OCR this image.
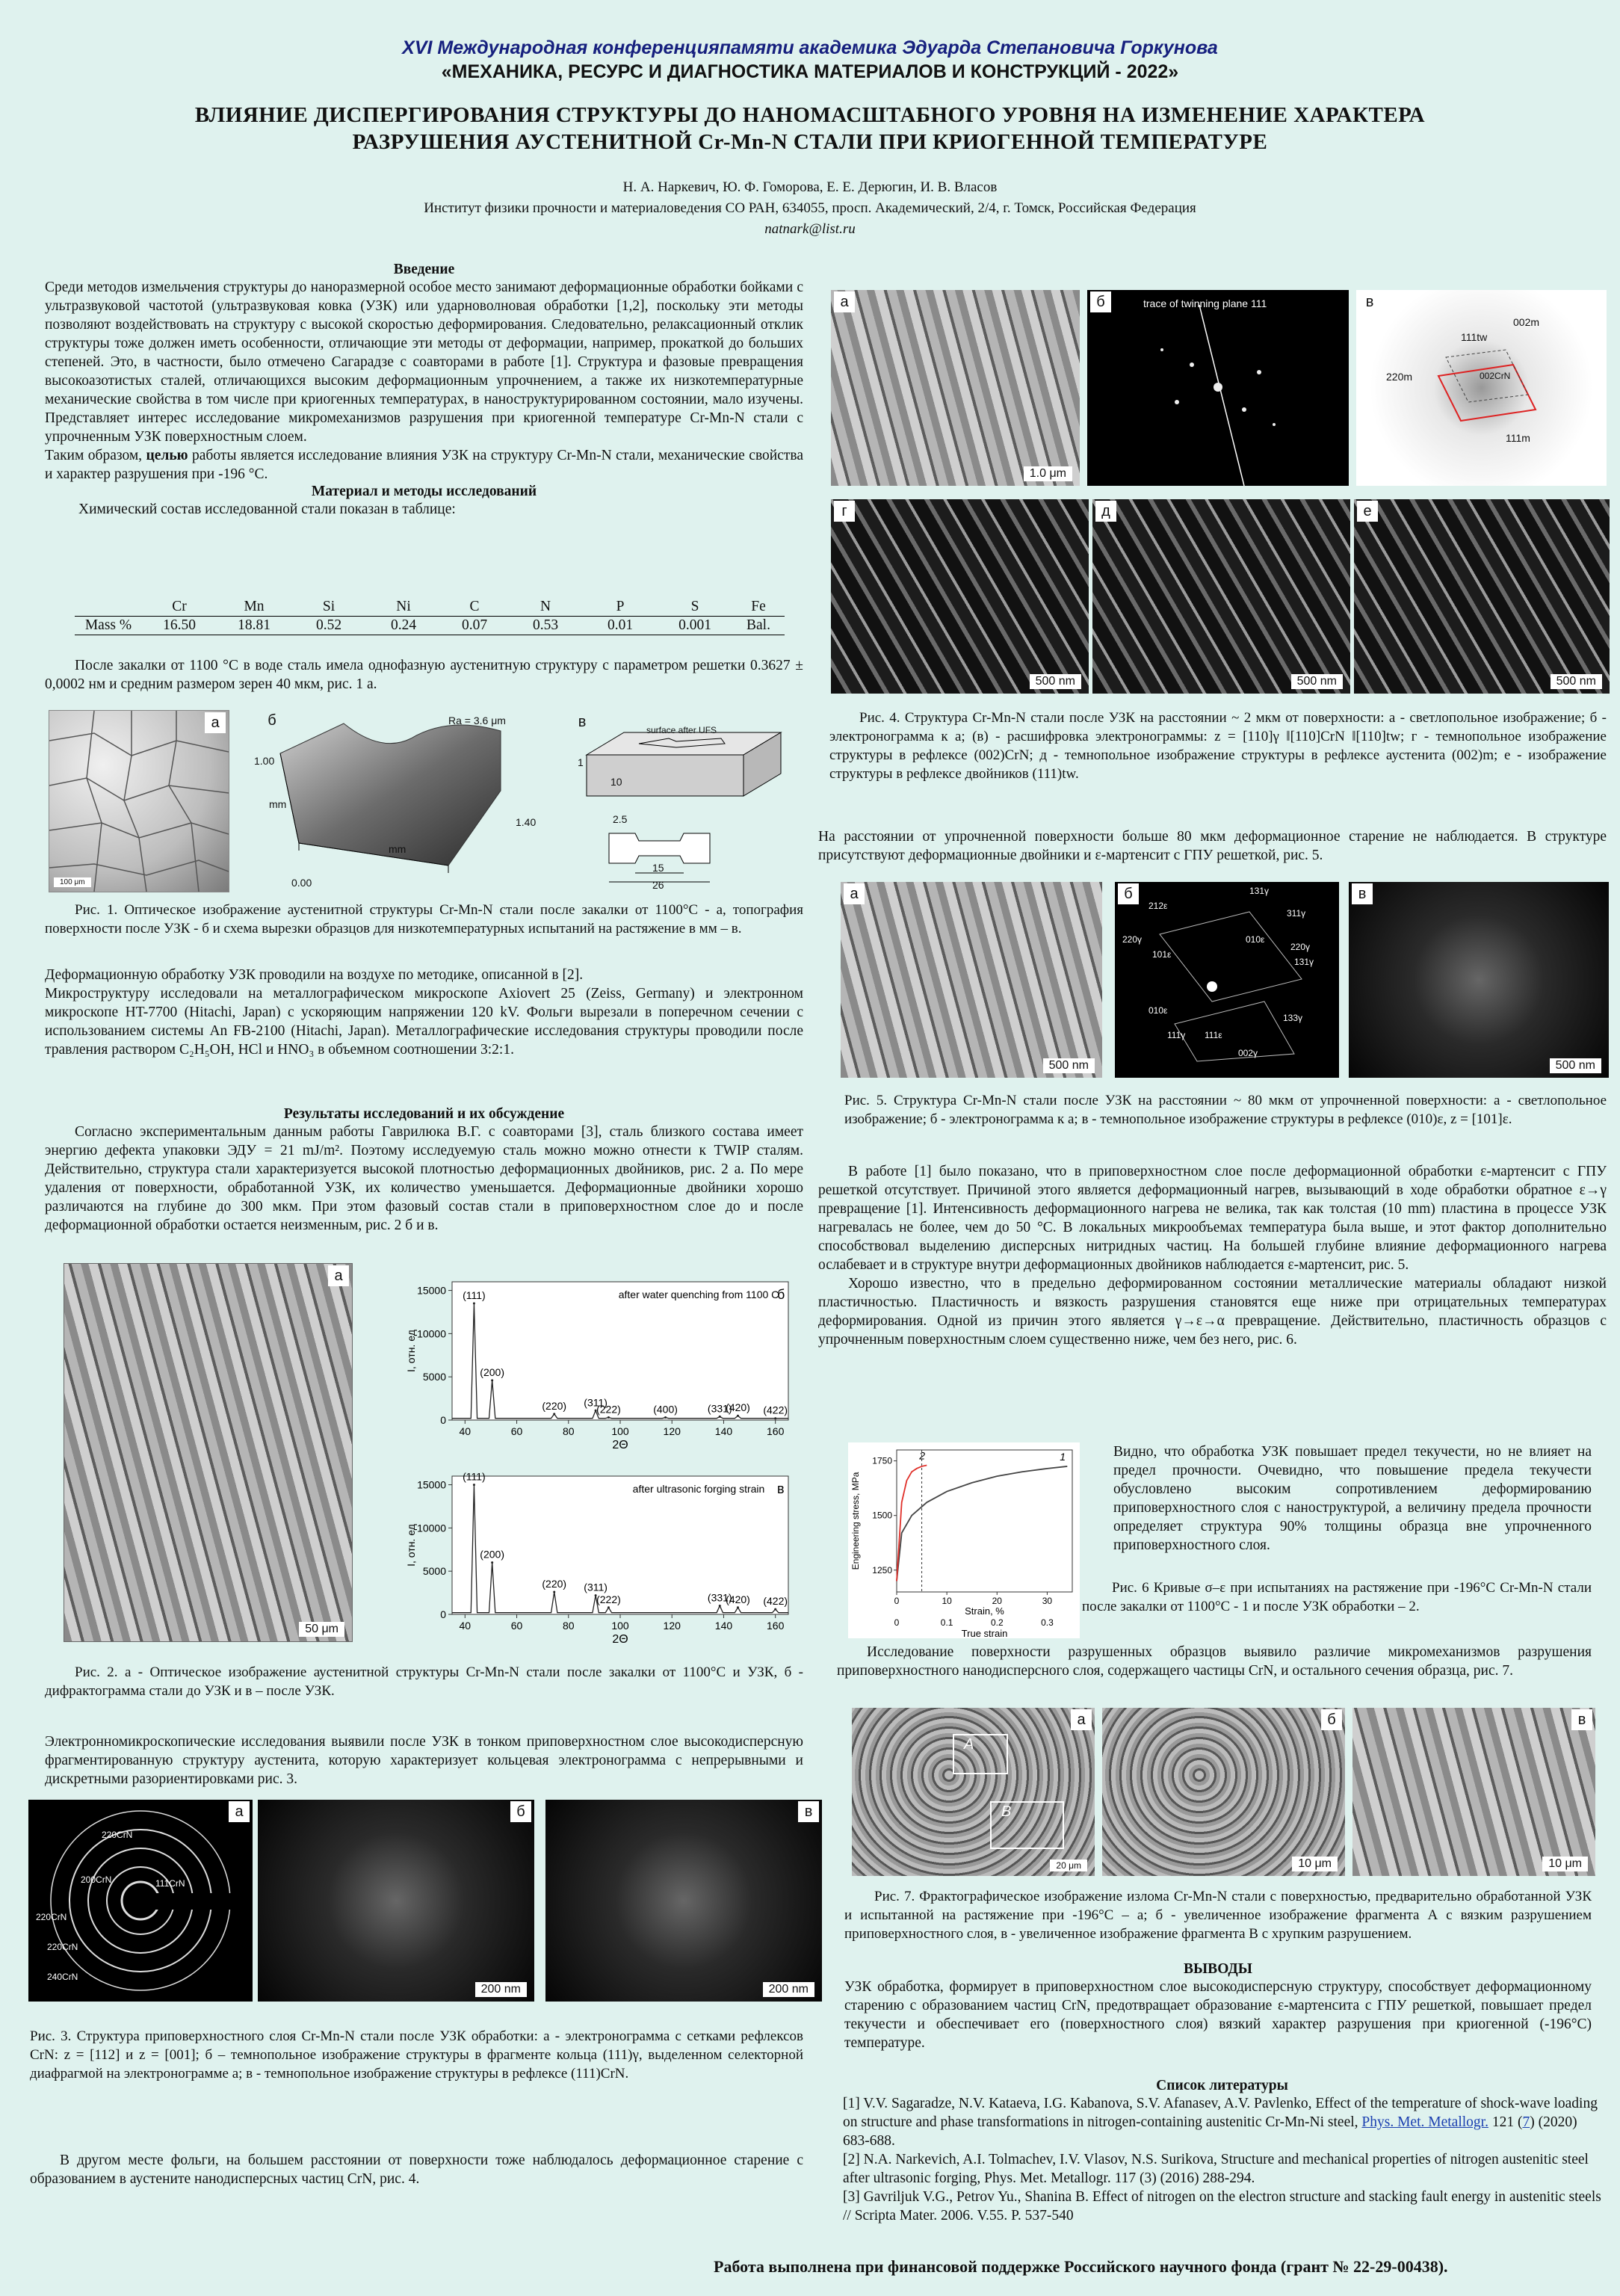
XVI Международная конференцияпамяти академика Эдуарда Степановича Горкунова
«МЕХАНИКА, РЕСУРС И ДИАГНОСТИКА МАТЕРИАЛОВ И КОНСТРУКЦИЙ - 2022»
ВЛИЯНИЕ ДИСПЕРГИРОВАНИЯ СТРУКТУРЫ ДО НАНОМАСШТАБНОГО УРОВНЯ НА ИЗМЕНЕНИЕ ХАРАКТЕРА
РАЗРУШЕНИЯ АУСТЕНИТНОЙ Cr-Mn-N СТАЛИ ПРИ КРИОГЕННОЙ ТЕМПЕРАТУРЕ
Н. А. Наркевич, Ю. Ф. Гоморова, Е. Е. Дерюгин, И. В. Власов
Институт физики прочности и материаловедения СО РАН, 634055, просп. Академический, 2/4, г. Томск, Российская Федерация
natnark@list.ru
Введение
Среди методов измельчения структуры до наноразмерной особое место занимают деформационные обработки бойками с ультразвуковой частотой (ультразвуковая ковка (УЗК) или ударноволновая обработки [1,2], поскольку эти методы позволяют воздействовать на структуру с высокой скоростью деформирования. Следовательно, релаксационный отклик структуры тоже должен иметь особенности, отличающие эти методы от деформации, например, прокаткой до больших степеней. Это, в частности, было отмечено Сагарадзе с соавторами в работе [1]. Структура и фазовые превращения высокоазотистых сталей, отличающихся высоким деформационным упрочнением, а также их низкотемпературные механические свойства в том числе при криогенных температурах, в наноструктурированном состоянии, мало изучены. Представляет интерес исследование микромеханизмов разрушения при криогенной температуре Cr-Mn-N стали с упрочненным УЗК поверхностным слоем.
Таким образом, целью работы является исследование влияния УЗК на структуру Cr-Mn-N стали, механические свойства и характер разрушения при -196 °С.
Материал и методы исследований
Химический состав исследованной стали показан в таблице:
	Cr	Mn	Si	Ni	C	N	P	S	Fe
Mass %	16.50	18.81	0.52	0.24	0.07	0.53	0.01	0.001	Bal.
После закалки от 1100 °С в воде сталь имела однофазную аустенитную структуру с параметром решетки 0.3627 ± 0,0002 нм и средним размером зерен 40 мкм, рис. 1 а.
а
100 μm
б	Ra = 3.6 μm
1.00
mm
0.00
mm
1.40
в	surface after UFS
1
10
2.5
15
26
Рис. 1. Оптическое изображение аустенитной структуры Cr-Mn-N стали после закалки от 1100°С - а, топография поверхности после УЗК - б и схема вырезки образцов для низкотемпературных испытаний на растяжение в мм – в.
Деформационную обработку УЗК проводили на воздухе по методике, описанной в [2].
Микроструктуру исследовали на металлографическом микроскопе Axiovert 25 (Zeiss, Germany) и электронном микроскопе HT-7700 (Hitachi, Japan) с ускоряющим напряжении 120 kV. Фольги вырезали в поперечном сечении с использованием системы An FB-2100 (Hitachi, Japan). Металлографические исследования структуры проводили после травления раствором C₂H₅OH, HCl и HNO₃ в объемном соотношении 3:2:1.
Результаты исследований и их обсуждение
Согласно экспериментальным данным работы Гаврилюка В.Г. с соавторами [3], сталь близкого состава имеет энергию дефекта упаковки ЭДУ = 21 mJ/m². Поэтому исследуемую сталь можно можно отнести к TWIP сталям. Действительно, структура стали характеризуется высокой плотностью деформационных двойников, рис. 2 а. По мере удаления от поверхности, обработанной УЗК, их количество уменьшается. Деформационные двойники хорошо различаются на глубине до 300 мкм. При этом фазовый состав стали в приповерхностном слое до и после деформационной обработки остается неизменным, рис. 2 б и в.
а
50 μm
0
5000
10000
15000
40	60	80	100	120	140	160
2Θ
I, отн. ед
after water quenching from 1100 C
(111)
(200)
(220) (311)
(222)	(400)	(331)
(420) (422)
б
0
5000
10000
15000
40	60	80	100	120	140	160
2Θ
I, отн. ед
after ultrasonic forging strain
(111)
(200)
(220) (311)
(222)	(331)
(420) (422)
в
Рис. 2. а - Оптическое изображение аустенитной структуры Cr-Mn-N стали после закалки от 1100°С и УЗК, б - дифрактограмма стали до УЗК и в – после УЗК.
Электронномикроскопические исследования выявили после УЗК в тонком приповерхностном слое высокодисперсную фрагментированную структуру аустенита, которую характеризует кольцевая электронограмма с непрерывными и дискретными разориентировками рис. 3.
а
220CrN
111CrN
200CrN
220CrN
220CrN
240CrN
б
200 nm
в
200 nm
Рис. 3. Структура приповерхностного слоя Cr-Mn-N стали после УЗК обработки: а - электронограмма с сетками рефлексов CrN: z = [112] и z = [001]; б – темнопольное изображение структуры в фрагменте кольца (111)γ, выделенном селекторной диафрагмой на электронограмме а; в - темнопольное изображение структуры в рефлексе (111)CrN.
В другом месте фольги, на большем расстоянии от поверхности тоже наблюдалось деформационное старение с образованием в аустените нанодисперсных частиц CrN, рис. 4.
а
1.0 μm
б	trace of twinning plane 111	в
002m
111tw
220m	002CrN
111m
г
500 nm
д
500 nm
е
500 nm
Рис. 4. Структура Cr-Mn-N стали после УЗК на расстоянии ~ 2 мкм от поверхности: а - светлопольное изображение; б - электронограмма к а; (в) - расшифровка электронограммы: z = [110]γ ǁ[110]CrN ǁ[110]tw; г - темнопольное изображение структуры в рефлексе (002)CrN; д - темнопольное изображение структуры в рефлексе аустенита (002)m; е - изображение структуры в рефлексе двойников (111)tw.
На расстоянии от упрочненной поверхности больше 80 мкм деформационное старение не наблюдается. В структуре присутствуют деформационные двойники и ε-мартенсит с ГПУ решеткой, рис. 5.
а
500 nm
б	131γ
212ε
311γ
220γ
101ε
010ε
220γ
131γ
010ε
111γ 111ε
133γ
002γ
в
500 nm
Рис. 5. Структура Cr-Mn-N стали после УЗК на расстоянии ~ 80 мкм от упрочненной поверхности: а - светлопольное изображение; б - электронограмма к а; в - темнопольное изображение структуры в рефлексе (010)ε, z = [101]ε.
В работе [1] было показано, что в приповерхностном слое после деформационной обработки ε-мартенсит с ГПУ решеткой отсутствует. Причиной этого является деформационный нагрев, вызывающий в ходе обработки обратное ε→γ превращение [1]. Интенсивность деформационного нагрева не велика, так как толстая (10 mm) пластина в процессе УЗК нагревалась не более, чем до 50 °С. В локальных микрообъемах температура была выше, и этот фактор дополнительно способствовал выделению дисперсных нитридных частиц. На большей глубине влияние деформационного нагрева ослабевает и в структуре внутри деформационных двойников наблюдается ε-мартенсит, рис. 5.
Хорошо известно, что в предельно деформированном состоянии металлические материалы обладают низкой пластичностью. Пластичность и вязкость разрушения становятся еще ниже при отрицательных температурах деформирования. Одной из причин этого является γ→ε→α превращение. Действительно, пластичность образцов с упрочненным поверхностным слоем существенно ниже, чем без него, рис. 6.
1250
1500
1750
0	10	20	30
Strain, %
0	0.1	0.2	0.3
True strain
Engineering stress, MPa
1
2	Видно, что обработка УЗК повышает предел текучести, но не влияет на предел прочности. Очевидно, что повышение предела текучести обусловлено высоким сопротивлением деформированию приповерхностного слоя с наноструктурой, а величину предела прочности определяет структура 90% толщины образца вне упрочненного приповерхностного слоя.
Рис. 6 Кривые σ–ε при испытаниях на растяжение при -196°С Cr-Mn-N стали после закалки от 1100°С - 1 и после УЗК обработки – 2.
Исследование поверхности разрушенных образцов выявило различие микромеханизмов разрушения приповерхностного нанодисперсного слоя, содержащего частицы CrN, и остального сечения образца, рис. 7.
A
B
а
20 μm
б
10 μm
в
10 μm
Рис. 7. Фрактографическое изображение излома Cr-Mn-N стали с поверхностью, предварительно обработанной УЗК и испытанной на растяжение при -196°С – а; б - увеличенное изображение фрагмента А с вязким разрушением приповерхностного слоя, в - увеличенное изображение фрагмента В с хрупким разрушением.
ВЫВОДЫ
УЗК обработка, формирует в приповерхностном слое высокодисперсную структуру, способствует деформационному старению с образованием частиц CrN, предотвращает образование ε-мартенсита с ГПУ решеткой, повышает предел текучести и обеспечивает его (поверхностного слоя) вязкий характер разрушения при криогенной (-196°С) температуре.
Список литературы
[1] V.V. Sagaradze, N.V. Kataeva, I.G. Kabanova, S.V. Afanasev, A.V. Pavlenko, Effect of the temperature of shock-wave loading on structure and phase transformations in nitrogen-containing austenitic Cr-Mn-Ni steel, Phys. Met. Metallogr. 121 (7) (2020) 683-688.
[2] N.A. Narkevich, A.I. Tolmachev, I.V. Vlasov, N.S. Surikova, Structure and mechanical properties of nitrogen austenitic steel after ultrasonic forging, Phys. Met. Metallogr. 117 (3) (2016) 288-294.
[3] Gavriljuk V.G., Petrov Yu., Shanina B. Effect of nitrogen on the electron structure and stacking fault energy in austenitic steels // Scripta Mater. 2006. V.55. P. 537-540
Работа выполнена при финансовой поддержке Российского научного фонда (грант № 22-29-00438).
